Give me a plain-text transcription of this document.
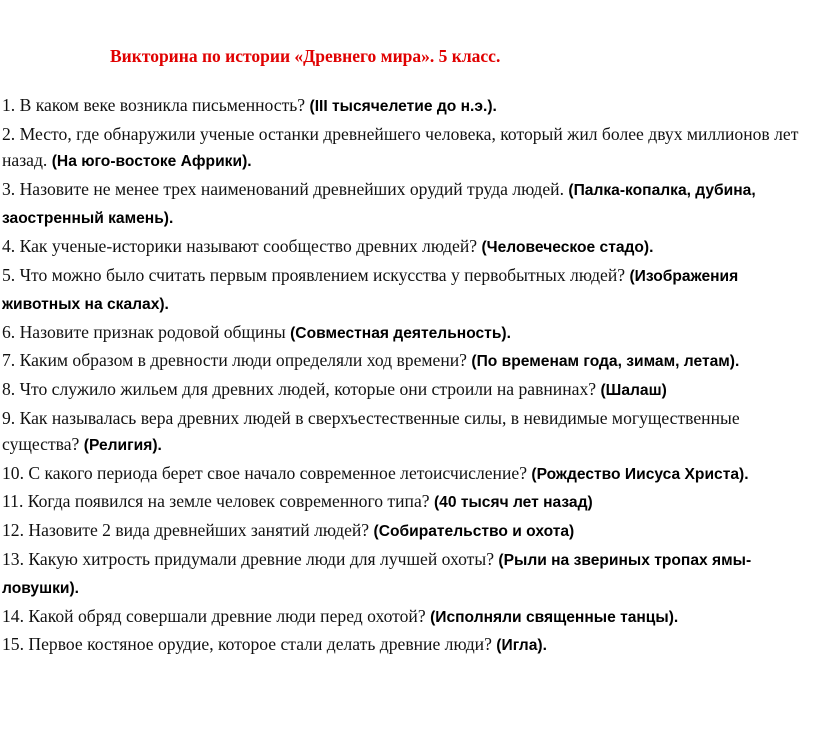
Викторина по истории «Древнего мира». 5 класс.

1. В каком веке возникла письменность? (III тысячелетие до н.э.).

2. Место, где обнаружили ученые останки древнейшего человека, который жил более двух миллионов лет назад. (На юго-востоке Африки).

3. Назовите не менее трех наименований древнейших орудий труда людей. (Палка-копалка, дубина, заостренный камень).

4. Как ученые-историки называют сообщество древних людей? (Человеческое стадо).

5. Что можно было считать первым проявлением искусства у первобытных людей? (Изображения животных на скалах).

6. Назовите признак родовой общины (Совместная деятельность).

7. Каким образом в древности люди определяли ход времени? (По временам года, зимам, летам).

8. Что служило жильем для древних людей, которые они строили на равнинах? (Шалаш)

9. Как называлась вера древних людей в сверхъестественные силы, в невидимые могущественные существа? (Религия).

10. С какого периода берет свое начало современное летоисчисление? (Рождество Иисуса Христа).

11. Когда появился на земле человек современного типа? (40 тысяч лет назад)

12. Назовите 2 вида древнейших занятий людей? (Собирательство и охота)

13. Какую хитрость придумали древние люди для лучшей охоты? (Рыли на звериных тропах ямы-ловушки).

14. Какой обряд совершали древние люди перед охотой? (Исполняли священные танцы).

15. Первое костяное орудие, которое стали делать древние люди? (Игла).
